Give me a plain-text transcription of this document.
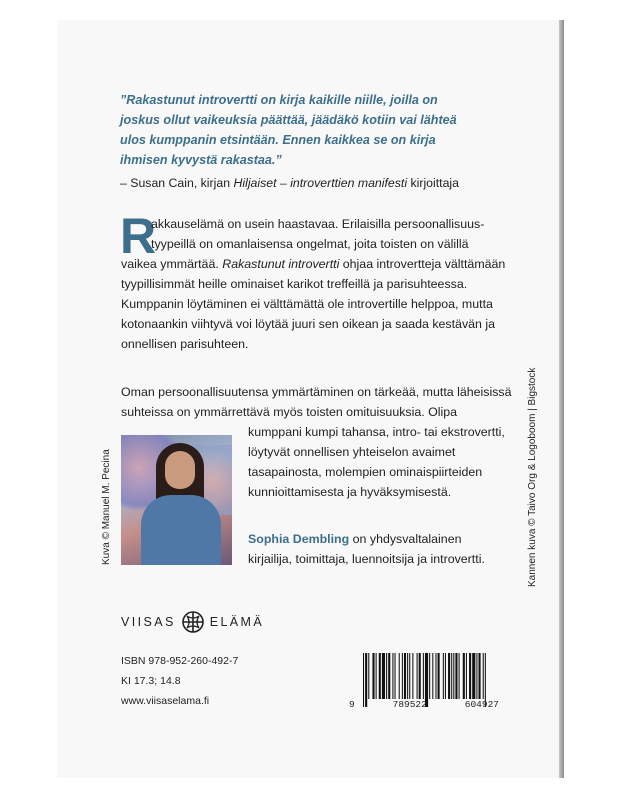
”Rakastunut introvertti on kirja kaikille niille, joilla on
joskus ollut vaikeuksia päättää, jäädäkö kotiin vai lähteä
ulos kumppanin etsintään. Ennen kaikkea se on kirja
ihmisen kyvystä rakastaa.”
– Susan Cain, kirjan Hiljaiset – introverttien manifesti kirjoittaja
R
akkauselämä on usein haastavaa. Erilaisilla persoonallisuus-
tyypeillä on omanlaisensa ongelmat, joita toisten on välillä
vaikea ymmärtää. Rakastunut introvertti ohjaa introvertteja välttämään
tyypillisimmät heille ominaiset karikot treffeillä ja parisuhteessa.
Kumppanin löytäminen ei välttämättä ole introvertille helppoa, mutta
kotonaankin viihtyvä voi löytää juuri sen oikean ja saada kestävän ja
onnellisen parisuhteen.
Oman persoonallisuutensa ymmärtäminen on tärkeää, mutta läheisissä
suhteissa on ymmärrettävä myös toisten omituisuuksia. Olipa
kumppani kumpi tahansa, intro- tai ekstrovertti,
löytyvät onnellisen yhteiselon avaimet
tasapainosta, molempien ominaispiirteiden
kunnioittamisesta ja hyväksymisestä.
Kuva © Manuel M. Pecina	Sophia Dembling on yhdysvaltalainen
kirjailija, toimittaja, luennoitsija ja introvertti.	Kannen kuva © Taivo Org & Logoboom | Bigstock
VIISAS	ELÄMÄ
ISBN 978-952-260-492-7
KI 17.3; 14.8
www.viisaselama.fi	9	789522	604927
